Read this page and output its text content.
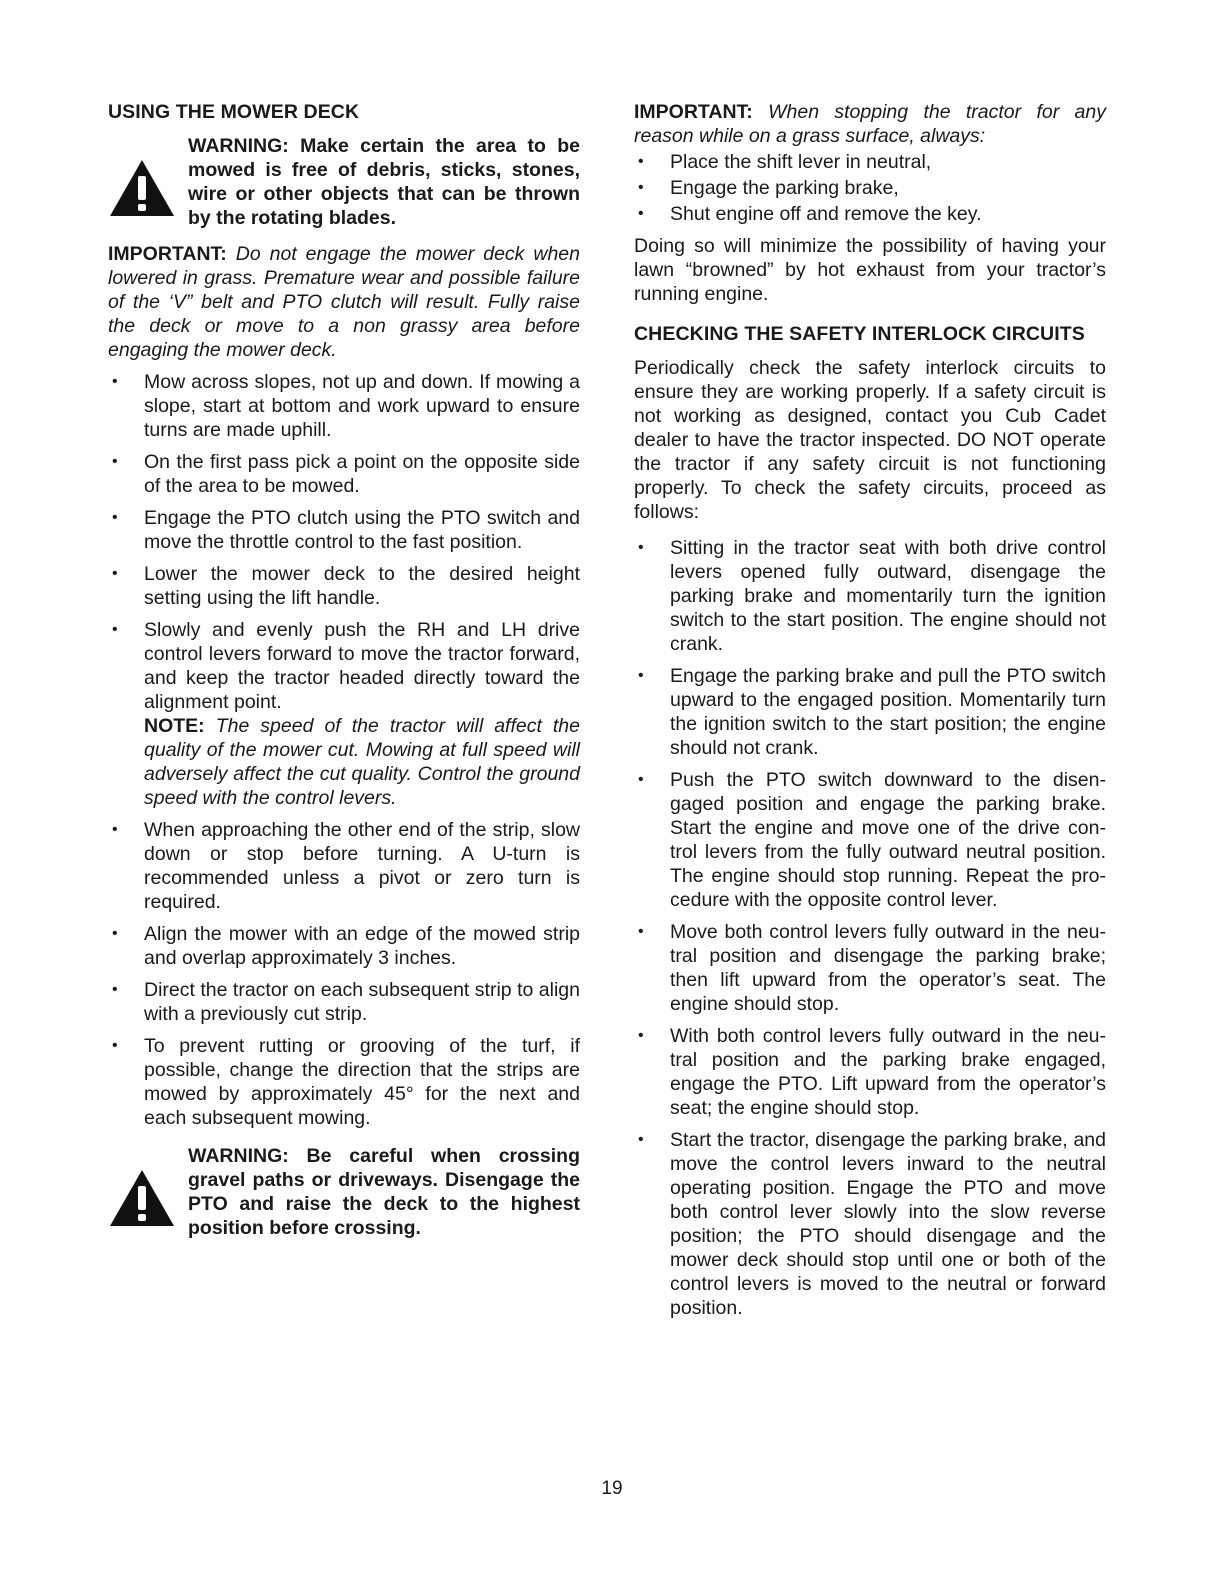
USING THE MOWER DECK
WARNING: Make certain the area to be mowed is free of debris, sticks, stones, wire or other objects that can be thrown by the rotating blades.
IMPORTANT: Do not engage the mower deck when lowered in grass. Premature wear and possible failure of the ‘V” belt and PTO clutch will result. Fully raise the deck or move to a non grassy area before engaging the mower deck.
• Mow across slopes, not up and down. If mowing a slope, start at bottom and work upward to ensure turns are made uphill.
• On the first pass pick a point on the opposite side of the area to be mowed.
• Engage the PTO clutch using the PTO switch and move the throttle control to the fast position.
• Lower the mower deck to the desired height setting using the lift handle.
• Slowly and evenly push the RH and LH drive control levers forward to move the tractor forward, and keep the tractor headed directly toward the alignment point.
NOTE: The speed of the tractor will affect the quality of the mower cut. Mowing at full speed will adversely affect the cut quality. Control the ground speed with the control levers.
• When approaching the other end of the strip, slow down or stop before turning. A U-turn is recommended unless a pivot or zero turn is required.
• Align the mower with an edge of the mowed strip and overlap approximately 3 inches.
• Direct the tractor on each subsequent strip to align with a previously cut strip.
• To prevent rutting or grooving of the turf, if possible, change the direction that the strips are mowed by approximately 45° for the next and each subsequent mowing.
WARNING: Be careful when crossing gravel paths or driveways. Disengage the PTO and raise the deck to the highest position before crossing.
IMPORTANT: When stopping the tractor for any reason while on a grass surface, always:
• Place the shift lever in neutral,
• Engage the parking brake,
• Shut engine off and remove the key.
Doing so will minimize the possibility of having your lawn “browned” by hot exhaust from your tractor’s running engine.
CHECKING THE SAFETY INTERLOCK CIRCUITS
Periodically check the safety interlock circuits to ensure they are working properly. If a safety circuit is not working as designed, contact you Cub Cadet dealer to have the tractor inspected. DO NOT operate the tractor if any safety circuit is not functioning properly. To check the safety circuits, proceed as follows:
• Sitting in the tractor seat with both drive control levers opened fully outward, disengage the parking brake and momentarily turn the ignition switch to the start position. The engine should not crank.
• Engage the parking brake and pull the PTO switch upward to the engaged position. Momentarily turn the ignition switch to the start position; the engine should not crank.
• Push the PTO switch downward to the disen- gaged position and engage the parking brake. Start the engine and move one of the drive con- trol levers from the fully outward neutral position. The engine should stop running. Repeat the pro- cedure with the opposite control lever.
• Move both control levers fully outward in the neu- tral position and disengage the parking brake; then lift upward from the operator’s seat. The engine should stop.
• With both control levers fully outward in the neu- tral position and the parking brake engaged, engage the PTO. Lift upward from the operator’s seat; the engine should stop.
• Start the tractor, disengage the parking brake, and move the control levers inward to the neutral operating position. Engage the PTO and move both control lever slowly into the slow reverse position; the PTO should disengage and the mower deck should stop until one or both of the control levers is moved to the neutral or forward position.
19
